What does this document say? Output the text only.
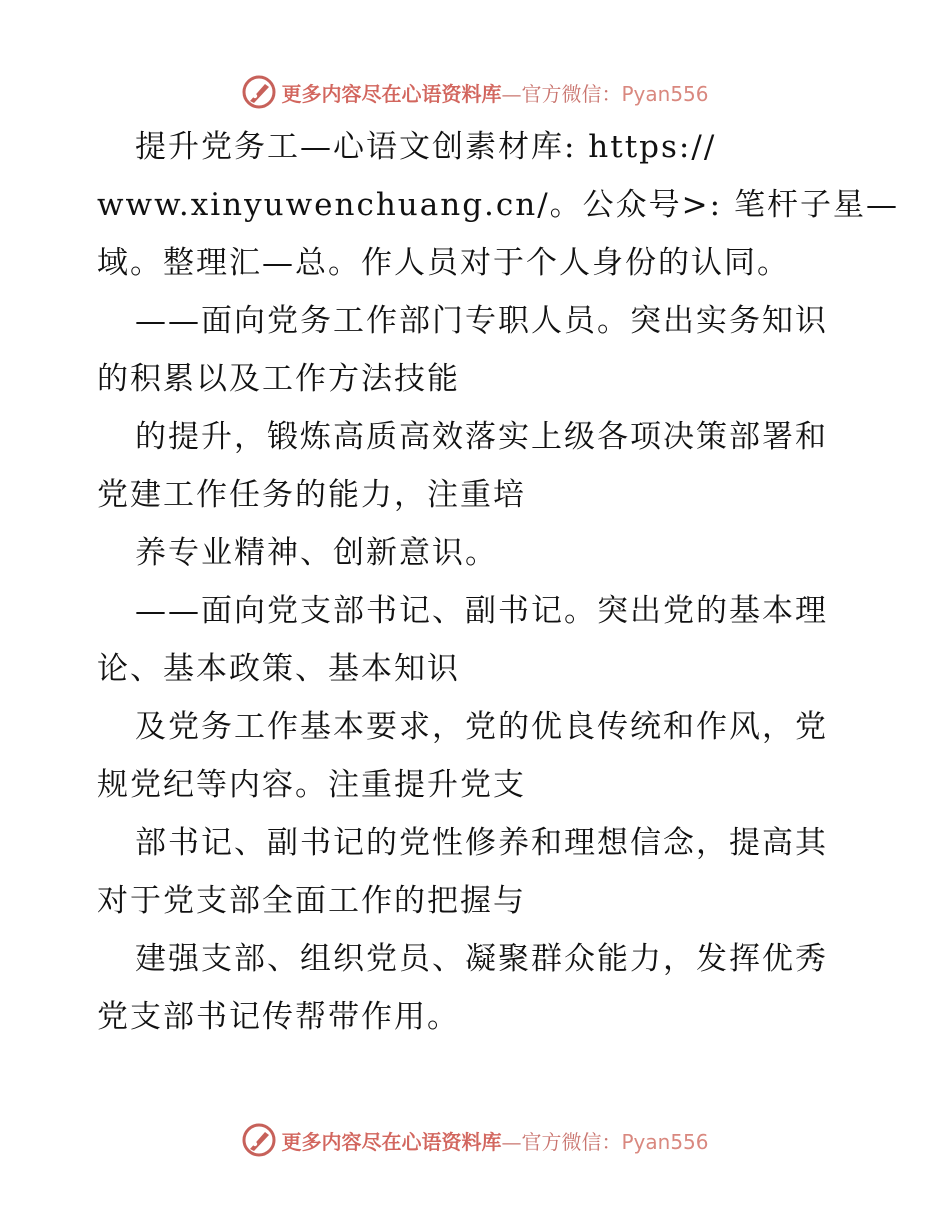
更多内容尽在心语资料库—官方微信：Pyan556
提升党务工—心语文创素材库: https://
www.xinyuwenchuang.cn/。公众号>: 笔杆子星—
域。整理汇—总。作人员对于个人身份的认同。
——面向党务工作部门专职人员。突出实务知识
的积累以及工作方法技能
的提升，锻炼高质高效落实上级各项决策部署和
党建工作任务的能力，注重培
养专业精神、创新意识。
——面向党支部书记、副书记。突出党的基本理
论、基本政策、基本知识
及党务工作基本要求，党的优良传统和作风，党
规党纪等内容。注重提升党支
部书记、副书记的党性修养和理想信念，提高其
对于党支部全面工作的把握与
建强支部、组织党员、凝聚群众能力，发挥优秀
党支部书记传帮带作用。
更多内容尽在心语资料库—官方微信：Pyan556
